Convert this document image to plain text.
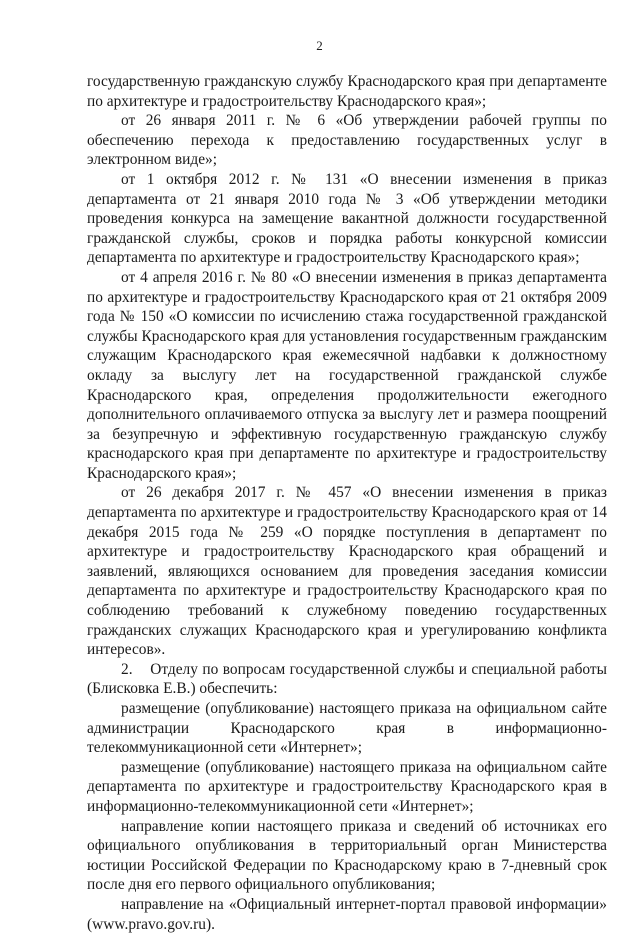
2

государственную гражданскую службу Краснодарского края при департаменте по архитектуре и градостроительству Краснодарского края»;

от 26 января 2011 г. № 6 «Об утверждении рабочей группы по обеспечению перехода к предоставлению государственных услуг в электронном виде»;

от 1 октября 2012 г. № 131 «О внесении изменения в приказ департамента от 21 января 2010 года № 3 «Об утверждении методики проведения конкурса на замещение вакантной должности государственной гражданской службы, сроков и порядка работы конкурсной комиссии департамента по архитектуре и градостроительству Краснодарского края»;

от 4 апреля 2016 г. № 80 «О внесении изменения в приказ департамента по архитектуре и градостроительству Краснодарского края от 21 октября 2009 года № 150 «О комиссии по исчислению стажа государственной гражданской службы Краснодарского края для установления государственным гражданским служащим Краснодарского края ежемесячной надбавки к должностному окладу за выслугу лет на государственной гражданской службе Краснодарского края, определения продолжительности ежегодного дополнительного оплачиваемого отпуска за выслугу лет и размера поощрений за безупречную и эффективную государственную гражданскую службу краснодарского края при департаменте по архитектуре и градостроительству Краснодарского края»;

от 26 декабря 2017 г. № 457 «О внесении изменения в приказ департамента по архитектуре и градостроительству Краснодарского края от 14 декабря 2015 года № 259 «О порядке поступления в департамент по архитектуре и градостроительству Краснодарского края обращений и заявлений, являющихся основанием для проведения заседания комиссии департамента по архитектуре и градостроительству Краснодарского края по соблюдению требований к служебному поведению государственных гражданских служащих Краснодарского края и урегулированию конфликта интересов».

2.    Отделу по вопросам государственной службы и специальной работы (Блисковка Е.В.) обеспечить:

размещение (опубликование) настоящего приказа на официальном сайте администрации Краснодарского края в информационно-телекоммуникационной сети «Интернет»;

размещение (опубликование) настоящего приказа на официальном сайте департамента по архитектуре и градостроительству Краснодарского края в информационно-телекоммуникационной сети «Интернет»;

направление копии настоящего приказа и сведений об источниках его официального опубликования в территориальный орган Министерства юстиции Российской Федерации по Краснодарскому краю в 7-дневный срок после дня его первого официального опубликования;

направление на «Официальный интернет-портал правовой информации» (www.pravo.gov.ru).
